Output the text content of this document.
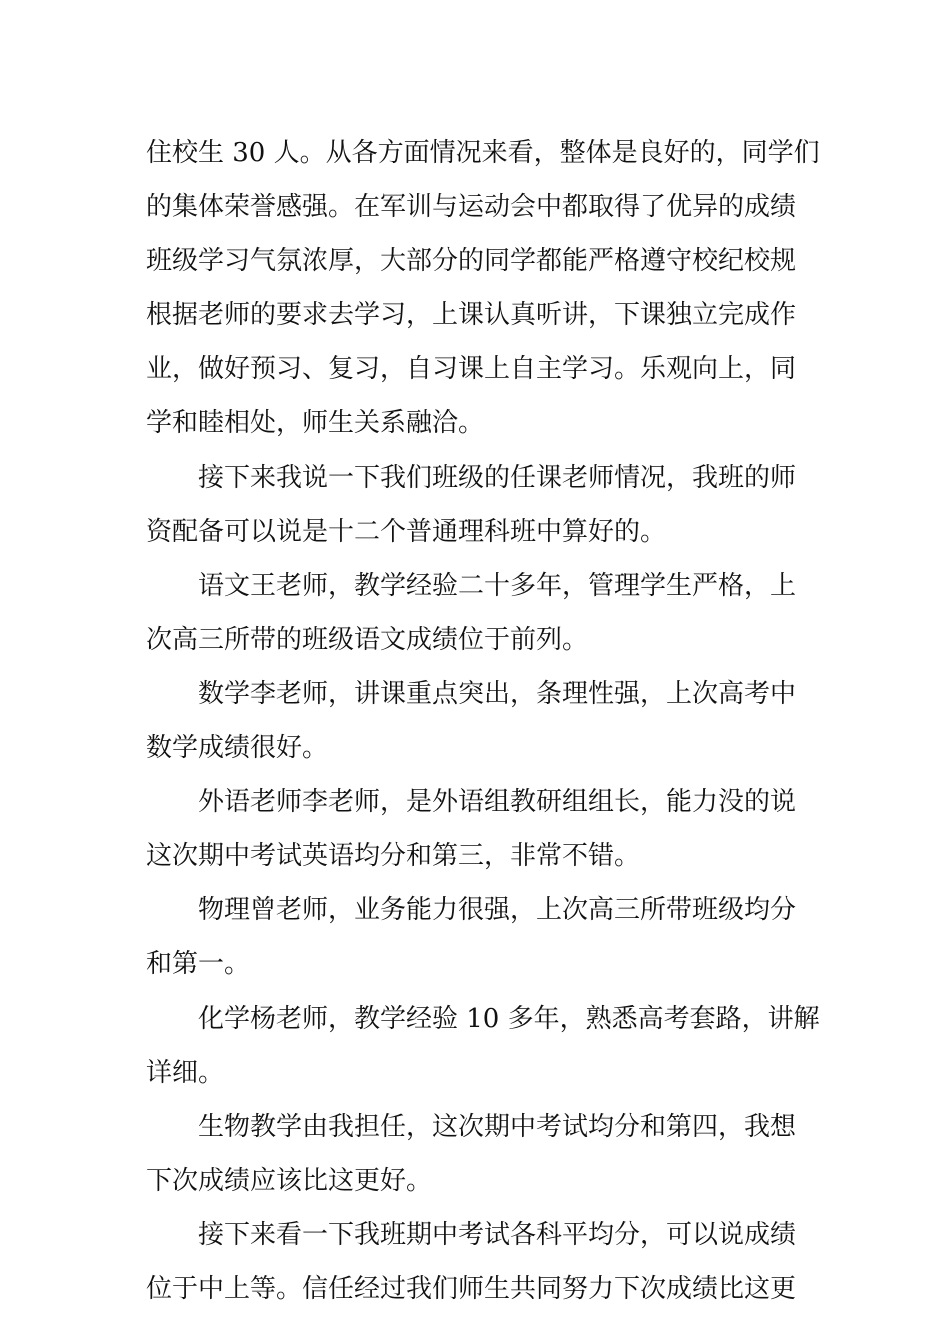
住校生 30 人。从各方面情况来看，整体是良好的，同学们
的集体荣誉感强。在军训与运动会中都取得了优异的成绩
班级学习气氛浓厚，大部分的同学都能严格遵守校纪校规
根据老师的要求去学习，上课认真听讲，下课独立完成作
业，做好预习、复习，自习课上自主学习。乐观向上，同
学和睦相处，师生关系融洽。
接下来我说一下我们班级的任课老师情况，我班的师
资配备可以说是十二个普通理科班中算好的。
语文王老师，教学经验二十多年，管理学生严格，上
次高三所带的班级语文成绩位于前列。
数学李老师，讲课重点突出，条理性强，上次高考中
数学成绩很好。
外语老师李老师，是外语组教研组组长，能力没的说
这次期中考试英语均分和第三，非常不错。
物理曾老师，业务能力很强，上次高三所带班级均分
和第一。
化学杨老师，教学经验 10 多年，熟悉高考套路，讲解
详细。
生物教学由我担任，这次期中考试均分和第四，我想
下次成绩应该比这更好。
接下来看一下我班期中考试各科平均分，可以说成绩
位于中上等。信任经过我们师生共同努力下次成绩比这更
